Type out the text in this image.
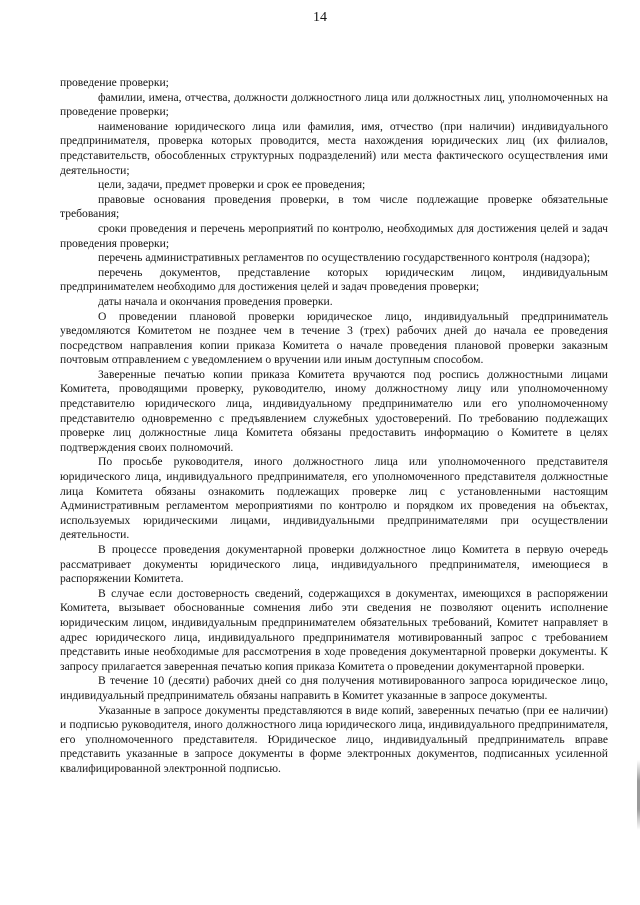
14

проведение проверки;

фамилии, имена, отчества, должности должностного лица или должностных лиц, уполномоченных на проведение проверки;

наименование юридического лица или фамилия, имя, отчество (при наличии) индивидуального предпринимателя, проверка которых проводится, места нахождения юридических лиц (их филиалов, представительств, обособленных структурных подразделений) или места фактического осуществления ими деятельности;

цели, задачи, предмет проверки и срок ее проведения;

правовые основания проведения проверки, в том числе подлежащие проверке обязательные требования;

сроки проведения и перечень мероприятий по контролю, необходимых для достижения целей и задач проведения проверки;

перечень административных регламентов по осуществлению государственного контроля (надзора);

перечень документов, представление которых юридическим лицом, индивидуальным предпринимателем необходимо для достижения целей и задач проведения проверки;

даты начала и окончания проведения проверки.

О проведении плановой проверки юридическое лицо, индивидуальный предприниматель уведомляются Комитетом не позднее чем в течение 3 (трех) рабочих дней до начала ее проведения посредством направления копии приказа Комитета о начале проведения плановой проверки заказным почтовым отправлением с уведомлением о вручении или иным доступным способом.

Заверенные печатью копии приказа Комитета вручаются под роспись должностными лицами Комитета, проводящими проверку, руководителю, иному должностному лицу или уполномоченному представителю юридического лица, индивидуальному предпринимателю или его уполномоченному представителю одновременно с предъявлением служебных удостоверений. По требованию подлежащих проверке лиц должностные лица Комитета обязаны предоставить информацию о Комитете в целях подтверждения своих полномочий.

По просьбе руководителя, иного должностного лица или уполномоченного представителя юридического лица, индивидуального предпринимателя, его уполномоченного представителя должностные лица Комитета обязаны ознакомить подлежащих проверке лиц с установленными настоящим Административным регламентом мероприятиями по контролю и порядком их проведения на объектах, используемых юридическими лицами, индивидуальными предпринимателями при осуществлении деятельности.

В процессе проведения документарной проверки должностное лицо Комитета в первую очередь рассматривает документы юридического лица, индивидуального предпринимателя, имеющиеся в распоряжении Комитета.

В случае если достоверность сведений, содержащихся в документах, имеющихся в распоряжении Комитета, вызывает обоснованные сомнения либо эти сведения не позволяют оценить исполнение юридическим лицом, индивидуальным предпринимателем обязательных требований, Комитет направляет в адрес юридического лица, индивидуального предпринимателя мотивированный запрос с требованием представить иные необходимые для рассмотрения в ходе проведения документарной проверки документы. К запросу прилагается заверенная печатью копия приказа Комитета о проведении документарной проверки.

В течение 10 (десяти) рабочих дней со дня получения мотивированного запроса юридическое лицо, индивидуальный предприниматель обязаны направить в Комитет указанные в запросе документы.

Указанные в запросе документы представляются в виде копий, заверенных печатью (при ее наличии) и подписью руководителя, иного должностного лица юридического лица, индивидуального предпринимателя, его уполномоченного представителя. Юридическое лицо, индивидуальный предприниматель вправе представить указанные в запросе документы в форме электронных документов, подписанных усиленной квалифицированной электронной подписью.
